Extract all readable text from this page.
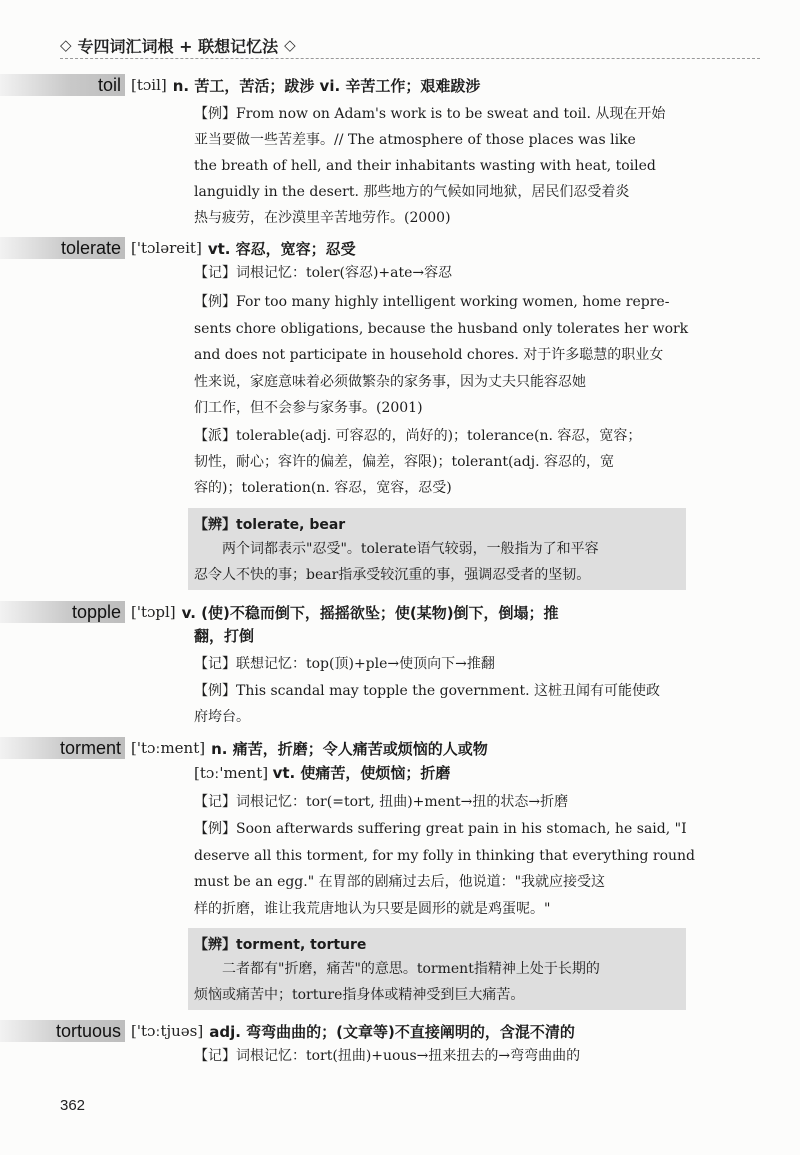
◇ 专四词汇词根 + 联想记忆法 ◇
toil [tɔil] n. 苦工，苦活；跋涉 vi. 辛苦工作；艰难跋涉
【例】From now on Adam's work is to be sweat and toil. 从现在开始
亚当要做一些苦差事。// The atmosphere of those places was like
the breath of hell, and their inhabitants wasting with heat, toiled
languidly in the desert. 那些地方的气候如同地狱，居民们忍受着炎
热与疲劳，在沙漠里辛苦地劳作。(2000)
tolerate ['tɔləreit] vt. 容忍，宽容；忍受
【记】词根记忆：toler(容忍)+ate→容忍
【例】For too many highly intelligent working women, home repre-
sents chore obligations, because the husband only tolerates her work
and does not participate in household chores. 对于许多聪慧的职业女
性来说，家庭意味着必须做繁杂的家务事，因为丈夫只能容忍她
们工作，但不会参与家务事。(2001)
【派】tolerable(adj. 可容忍的，尚好的)；tolerance(n. 容忍，宽容；
韧性，耐心；容许的偏差，偏差，容限)；tolerant(adj. 容忍的，宽
容的)；toleration(n. 容忍，宽容，忍受)
【辨】tolerate, bear
两个词都表示"忍受"。tolerate语气较弱，一般指为了和平容
忍令人不快的事；bear指承受较沉重的事，强调忍受者的坚韧。
topple ['tɔpl] v. (使)不稳而倒下，摇摇欲坠；使(某物)倒下，倒塌；推
翻，打倒
【记】联想记忆：top(顶)+ple→使顶向下→推翻
【例】This scandal may topple the government. 这桩丑闻有可能使政
府垮台。
torment ['tɔːment] n. 痛苦，折磨；令人痛苦或烦恼的人或物
[tɔː'ment] vt. 使痛苦，使烦恼；折磨
【记】词根记忆：tor(=tort, 扭曲)+ment→扭的状态→折磨
【例】Soon afterwards suffering great pain in his stomach, he said, "I
deserve all this torment, for my folly in thinking that everything round
must be an egg." 在胃部的剧痛过去后，他说道："我就应接受这
样的折磨，谁让我荒唐地认为只要是圆形的就是鸡蛋呢。"
【辨】torment, torture
二者都有"折磨，痛苦"的意思。torment指精神上处于长期的
烦恼或痛苦中；torture指身体或精神受到巨大痛苦。
tortuous ['tɔːtjuəs] adj. 弯弯曲曲的；(文章等)不直接阐明的，含混不清的
【记】词根记忆：tort(扭曲)+uous→扭来扭去的→弯弯曲曲的
362
